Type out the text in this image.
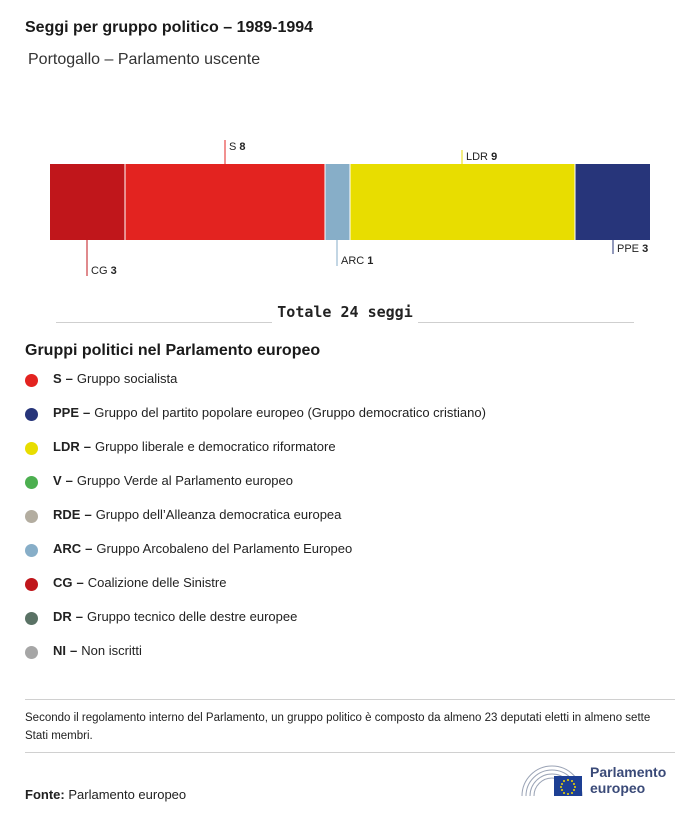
Seggi per gruppo politico – 1989-1994
Portogallo – Parlamento uscente
CG 3
S 8
ARC 1
LDR 9
PPE 3
Totale 24 seggi
Gruppi politici nel Parlamento europeo
S – Gruppo socialista
PPE – Gruppo del partito popolare europeo (Gruppo democratico cristiano)
LDR – Gruppo liberale e democratico riformatore
V – Gruppo Verde al Parlamento europeo
RDE – Gruppo dell’Alleanza democratica europea
ARC – Gruppo Arcobaleno del Parlamento Europeo
CG – Coalizione delle Sinistre
DR – Gruppo tecnico delle destre europee
NI – Non iscritti
Secondo il regolamento interno del Parlamento, un gruppo politico è composto da almeno 23 deputati eletti in almeno sette Stati membri.
Fonte: Parlamento europeo
Parlamento
europeo
